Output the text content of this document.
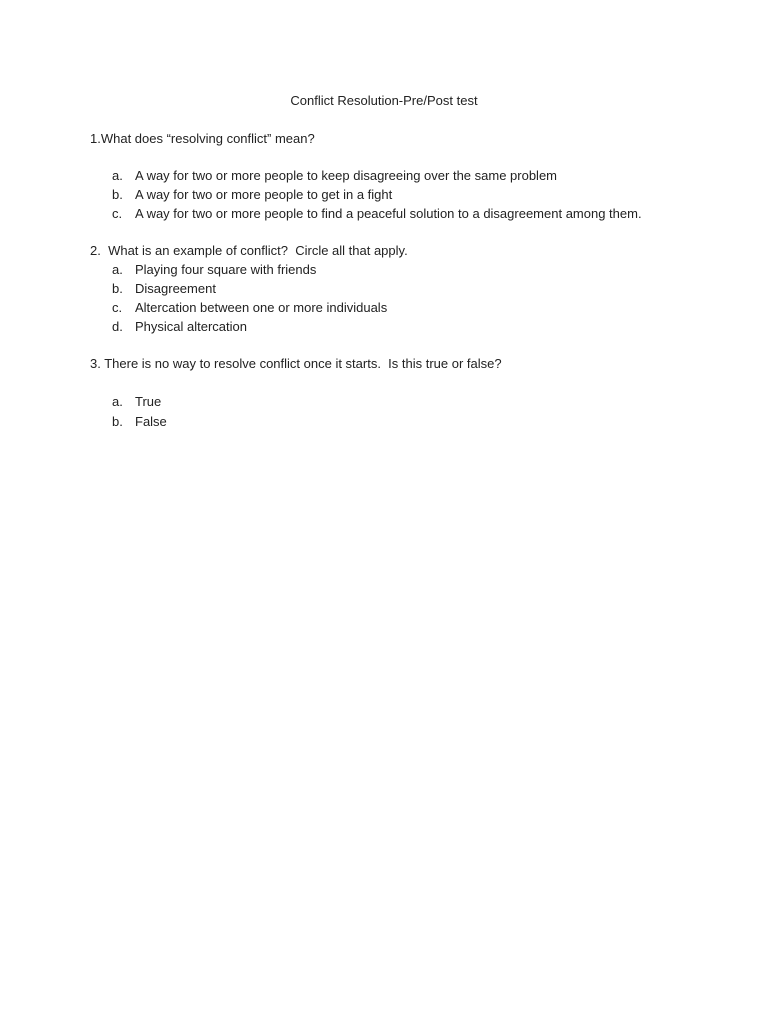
Conflict Resolution-Pre/Post test

1.What does “resolving conflict” mean?

a. A way for two or more people to keep disagreeing over the same problem
b. A way for two or more people to get in a fight
c. A way for two or more people to find a peaceful solution to a disagreement among them.

2.  What is an example of conflict?  Circle all that apply.

a. Playing four square with friends
b. Disagreement
c. Altercation between one or more individuals
d. Physical altercation

3. There is no way to resolve conflict once it starts.  Is this true or false?

a. True
b. False
